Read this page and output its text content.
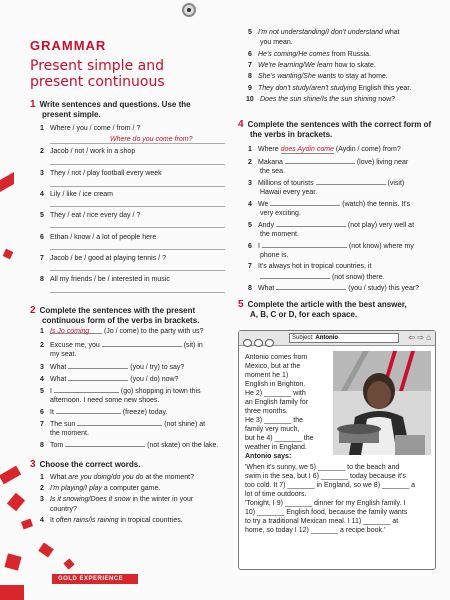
GRAMMAR
Present simple and
present continuous
1 Write sentences and questions. Use the
present simple.
1 Where / you / come / from / ?
Where do you come from?
2 Jacob / not / work in a shop
3 They / not / play football every week
4 Lily / like / ice cream
5 They / eat / rice every day / ?
6 Ethan / know / a lot of people here
7 Jacob / be / good at playing tennis / ?
8 All my friends / be / interested in music
2 Complete the sentences with the present
continuous form of the verbs in brackets.
1 Is Jo coming (Jo / come) to the party with us?
2 Excuse me, you	(sit) in
my seat.
3 What	(you / try) to say?
4 What	(you / do) now?
5 I	(go) shopping in town this
afternoon. I need some new shoes.
6 It	(freeze) today.
7 The sun	(not shine) at
the moment.
8 Tom	(not skate) on the lake.
3 Choose the correct words.
1 What are you doing/do you do at the moment?
2 I'm playing/I play a computer game.
3 Is it snowing/Does it snow in the winter in your
country?
4 It often rains/is raining in tropical countries.
5 I'm not understanding/I don't understand what
you mean.
6 He's coming/He comes from Russia.
7 We're learning/We learn how to skate.
8 She's wanting/She wants to stay at home.
9 They don't study/aren't studying English this year.
10 Does the sun shine/Is the sun shining now?
4 Complete the sentences with the correct form of
the verbs in brackets.
1 Where does Aydin come (Aydin / come) from?
2 Makana	(love) living near
the sea.
3 Millions of tourists	(visit)
Hawaii every year.
4 We	(watch) the tennis. It's
very exciting.
5 Andy	(not play) very well at
the moment.
6 I	(not know) where my
phone is.
7 It's always hot in tropical countries, it
(not snow) there.
8 What	(you / study) this year?
5 Complete the article with the best answer,
A, B, C or D, for each space.
Subject: Antonio	⇦ ⇨ ⌂
Antonio comes from
Mexico, but at the
moment he 1)
English in Brighton.
He 2) _______ with
an English family for
three months.
He 3) _______ the
family very much,
but he 4) _______ the
weather in England.
Antonio says:
'When it's sunny, we 5) _______ to the beach and
swim in the sea, but I 6) _______ today because it's
too cold. It 7) _______ in England, so we 8) _______ a
lot of time outdoors.
'Tonight, I 9) _______ dinner for my English family. I
10) _______ English food, because the family wants
to try a traditional Mexican meal. I 11) _______ at
home, so today I 12) _______ a recipe book.'
6	GOLD EXPERIENCE
